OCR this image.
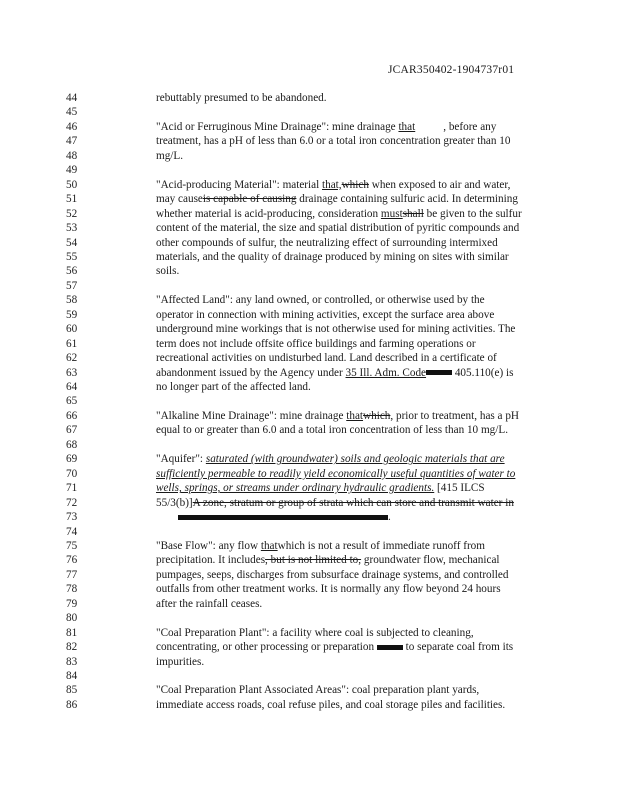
JCAR350402-1904737r01
44	rebuttably presumed to be abandoned.
45
46	"Acid or Ferruginous Mine Drainage": mine drainage that	, before any
47	treatment, has a pH of less than 6.0 or a total iron concentration greater than 10
48	mg/L.
49
50	"Acid-producing Material": material that,which when exposed to air and water,
51	may causeis capable of causing drainage containing sulfuric acid. In determining
52	whether material is acid-producing, consideration mustshall be given to the sulfur
53	content of the material, the size and spatial distribution of pyritic compounds and
54	other compounds of sulfur, the neutralizing effect of surrounding intermixed
55	materials, and the quality of drainage produced by mining on sites with similar
56	soils.
57
58	"Affected Land": any land owned, or controlled, or otherwise used by the
59	operator in connection with mining activities, except the surface area above
60	underground mine workings that is not otherwise used for mining activities. The
61	term does not include offsite office buildings and farming operations or
62	recreational activities on undisturbed land. Land described in a certificate of
63	abandonment issued by the Agency under 35 Ill. Adm. Code 405.110(e) is
64	no longer part of the affected land.
65
66	"Alkaline Mine Drainage": mine drainage thatwhich, prior to treatment, has a pH
67	equal to or greater than 6.0 and a total iron concentration of less than 10 mg/L.
68
69	"Aquifer": saturated (with groundwater) soils and geologic materials that are
70	sufficiently permeable to readily yield economically useful quantities of water to
71	wells, springs, or streams under ordinary hydraulic gradients. [415 ILCS
72	55/3(b)]A zone, stratum or group of strata which can store and transmit water in
73	.
74
75	"Base Flow": any flow thatwhich is not a result of immediate runoff from
76	precipitation. It includes, but is not limited to, groundwater flow, mechanical
77	pumpages, seeps, discharges from subsurface drainage systems, and controlled
78	outfalls from other treatment works. It is normally any flow beyond 24 hours
79	after the rainfall ceases.
80
81	"Coal Preparation Plant": a facility where coal is subjected to cleaning,
82	concentrating, or other processing or preparation  to separate coal from its
83	impurities.
84
85	"Coal Preparation Plant Associated Areas": coal preparation plant yards,
86	immediate access roads, coal refuse piles, and coal storage piles and facilities.
